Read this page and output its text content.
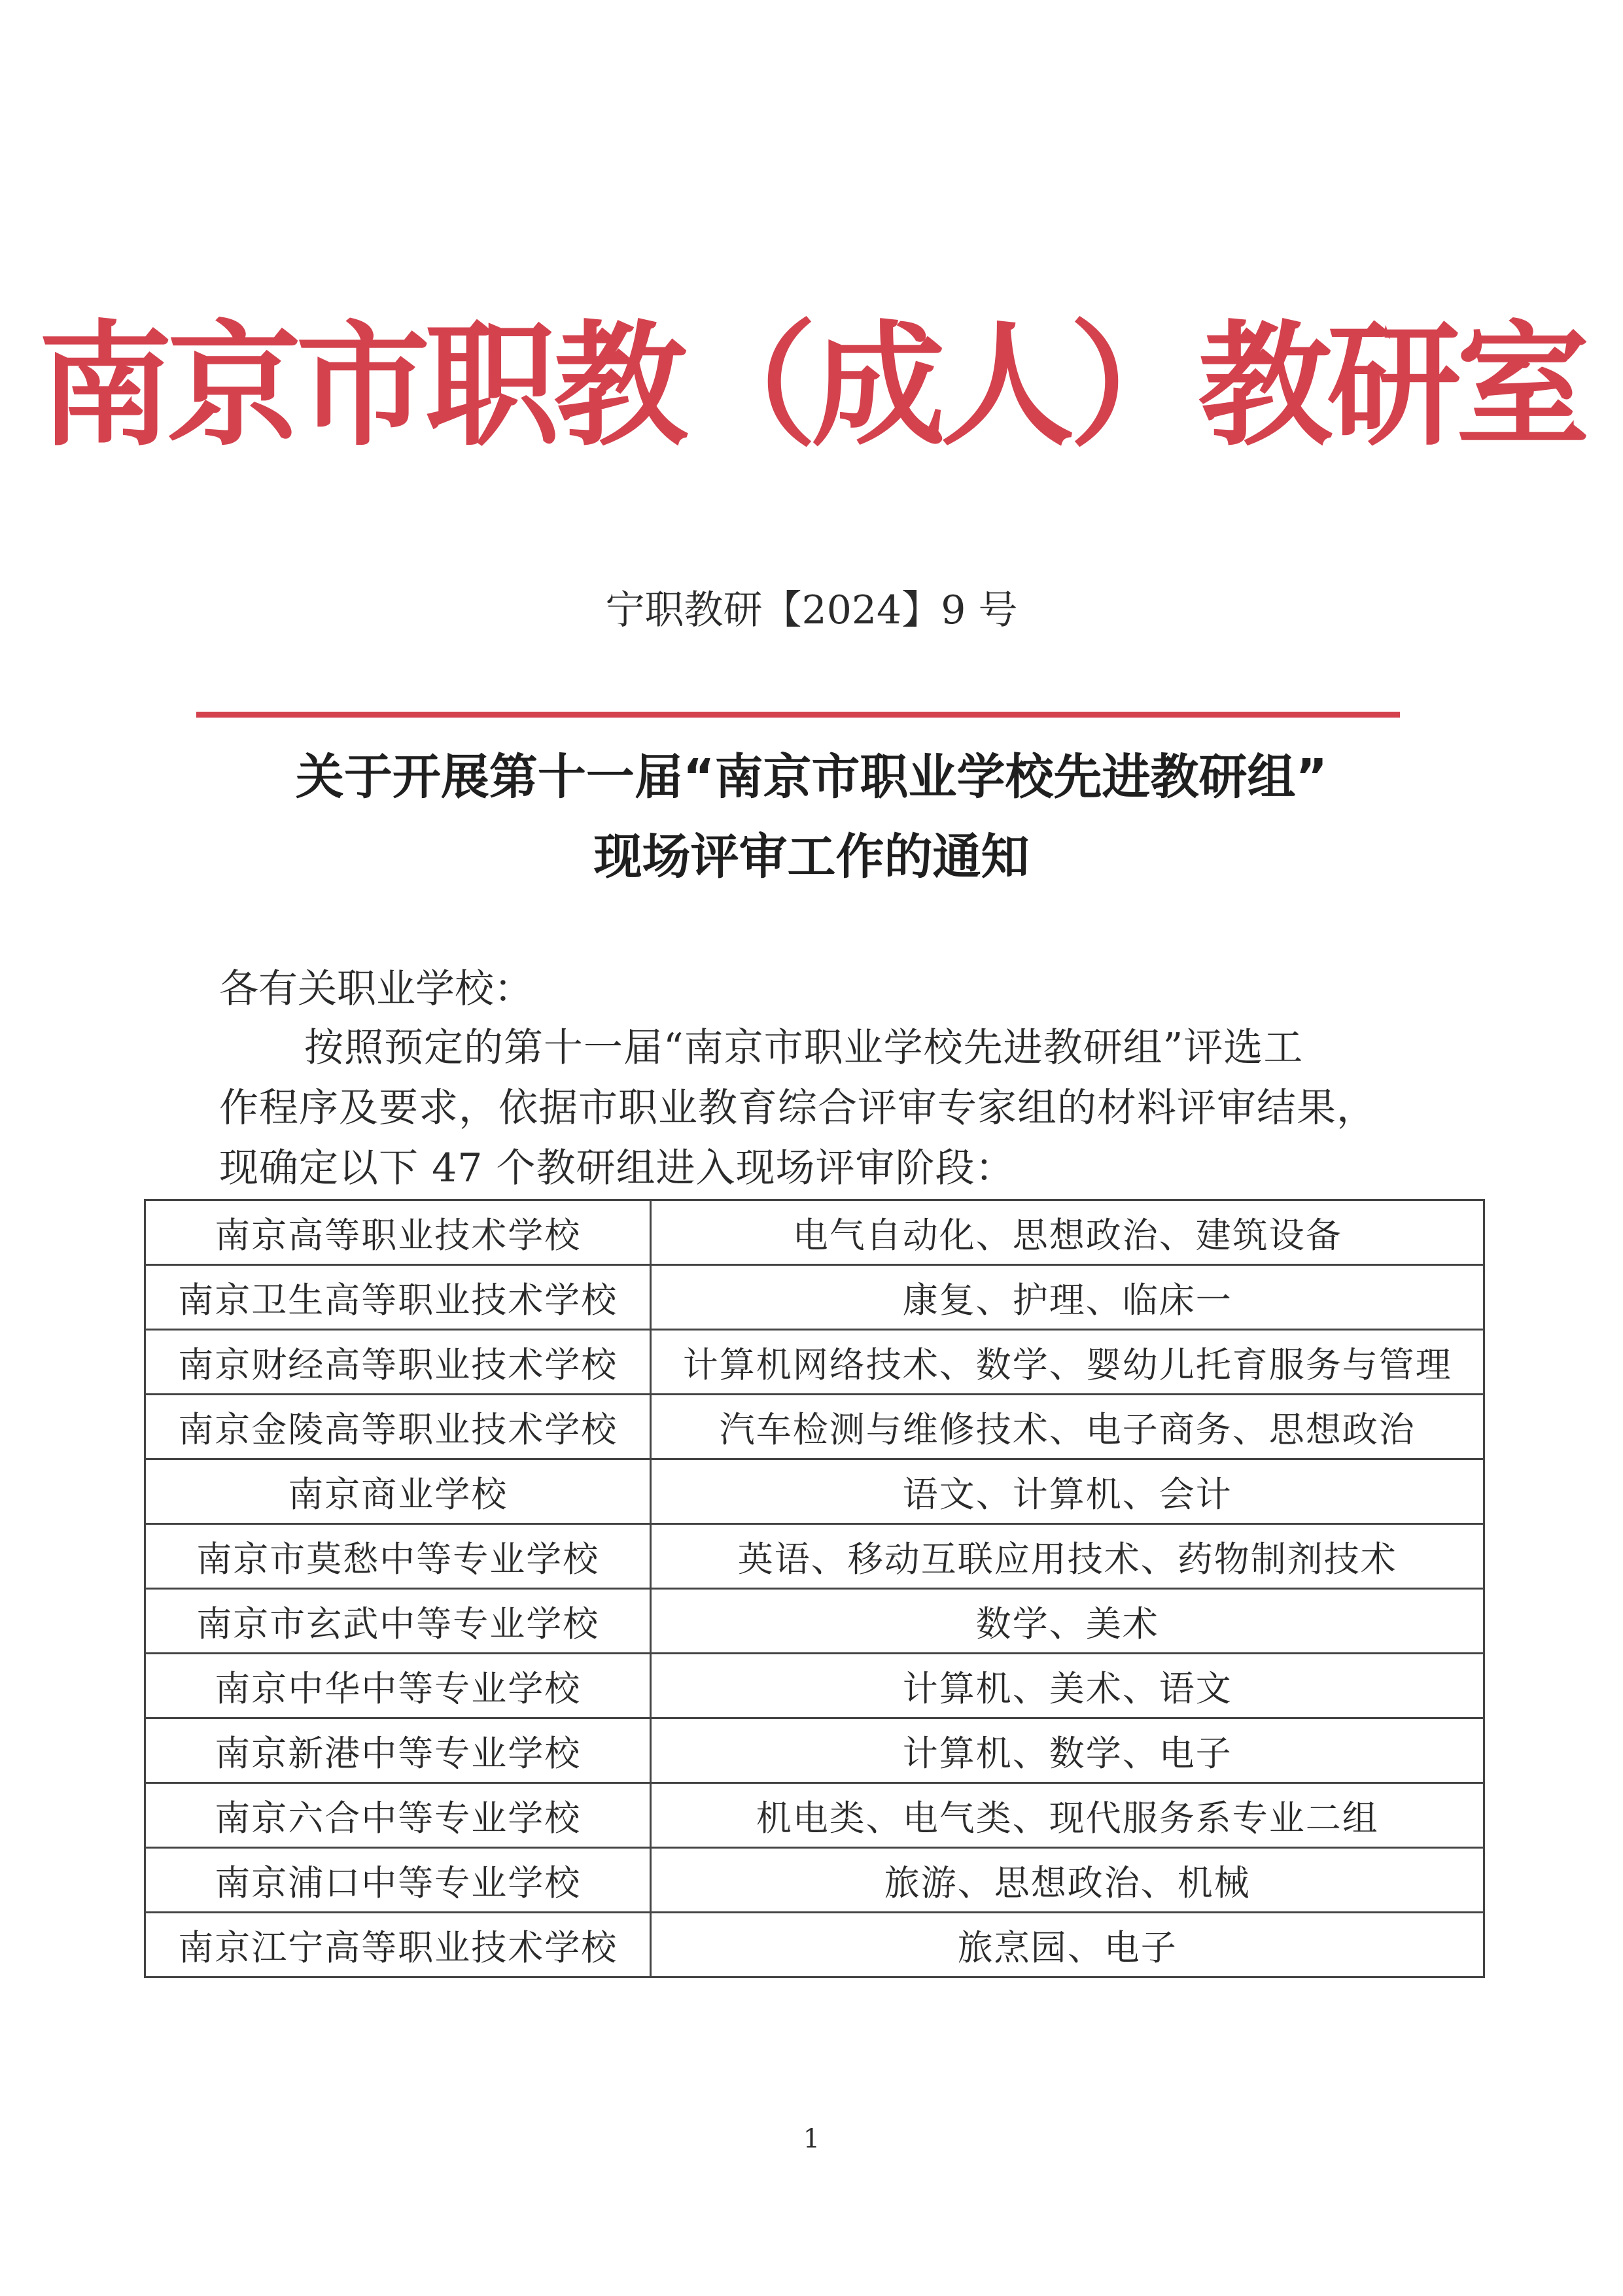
南京市职教（成人）教研室
宁职教研【2024】9 号
关于开展第十一届“南京市职业学校先进教研组”
现场评审工作的通知
各有关职业学校：
按照预定的第十一届“南京市职业学校先进教研组”评选工
作程序及要求，依据市职业教育综合评审专家组的材料评审结果，
现确定以下 47 个教研组进入现场评审阶段：
南京高等职业技术学校	电气自动化、思想政治、建筑设备
南京卫生高等职业技术学校	康复、护理、临床一
南京财经高等职业技术学校	计算机网络技术、数学、婴幼儿托育服务与管理
南京金陵高等职业技术学校	汽车检测与维修技术、电子商务、思想政治
南京商业学校	语文、计算机、会计
南京市莫愁中等专业学校	英语、移动互联应用技术、药物制剂技术
南京市玄武中等专业学校	数学、美术
南京中华中等专业学校	计算机、美术、语文
南京新港中等专业学校	计算机、数学、电子
南京六合中等专业学校	机电类、电气类、现代服务系专业二组
南京浦口中等专业学校	旅游、思想政治、机械
南京江宁高等职业技术学校	旅烹园、电子
1
